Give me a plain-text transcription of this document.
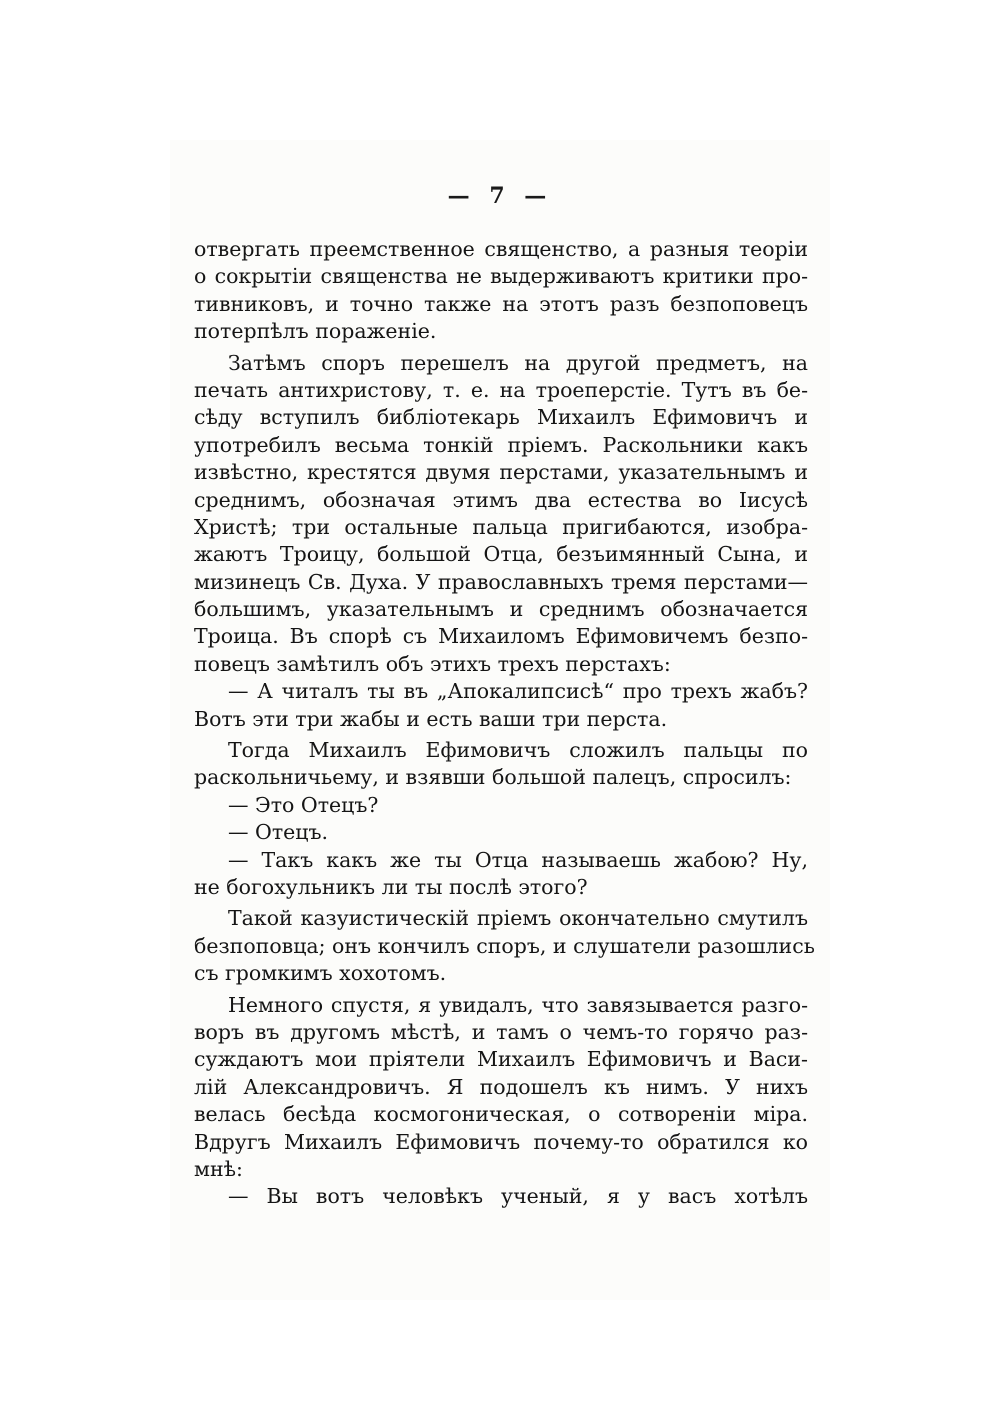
— 7 —
отвергать преемственное священство, а разныя теорiи
о сокрытiи священства не выдерживаютъ критики про-
тивниковъ, и точно также на этотъ разъ безпоповецъ
потерпѣлъ пораженiе.
Затѣмъ споръ перешелъ на другой предметъ, на
печать антихристову, т. е. на троеперстiе. Тутъ въ бе-
сѣду вступилъ библiотекарь Михаилъ Ефимовичъ и
употребилъ весьма тонкiй прiемъ. Раскольники какъ
извѣстно, крестятся двумя перстами, указательнымъ и
среднимъ, обозначая этимъ два естества во Iисусѣ
Христѣ; три остальные пальца пригибаются, изобра-
жаютъ Троицу, большой Отца, безъимянный Сына, и
мизинецъ Св. Духа. У православныхъ тремя перстами—
большимъ, указательнымъ и среднимъ обозначается
Троица. Въ спорѣ съ Михаиломъ Ефимовичемъ безпо-
повецъ замѣтилъ объ этихъ трехъ перстахъ:
— А читалъ ты въ „Апокалипсисѣ“ про трехъ жабъ?
Вотъ эти три жабы и есть ваши три перста.
Тогда Михаилъ Ефимовичъ сложилъ пальцы по
раскольничьему, и взявши большой палецъ, спросилъ:
— Это Отецъ?
— Отецъ.
— Такъ какъ же ты Отца называешь жабою? Ну,
не богохульникъ ли ты послѣ этого?
Такой казуистическiй прiемъ окончательно смутилъ
безпоповца; онъ кончилъ споръ, и слушатели разошлись
съ громкимъ хохотомъ.
Немного спустя, я увидалъ, что завязывается разго-
воръ въ другомъ мѣстѣ, и тамъ о чемъ-то горячо раз-
суждаютъ мои прiятели Михаилъ Ефимовичъ и Васи-
лiй Александровичъ. Я подошелъ къ нимъ. У нихъ
велась бесѣда космогоническая, о сотворенiи мiра.
Вдругъ Михаилъ Ефимовичъ почему-то обратился ко
мнѣ:
— Вы вотъ человѣкъ ученый, я у васъ хотѣлъ
